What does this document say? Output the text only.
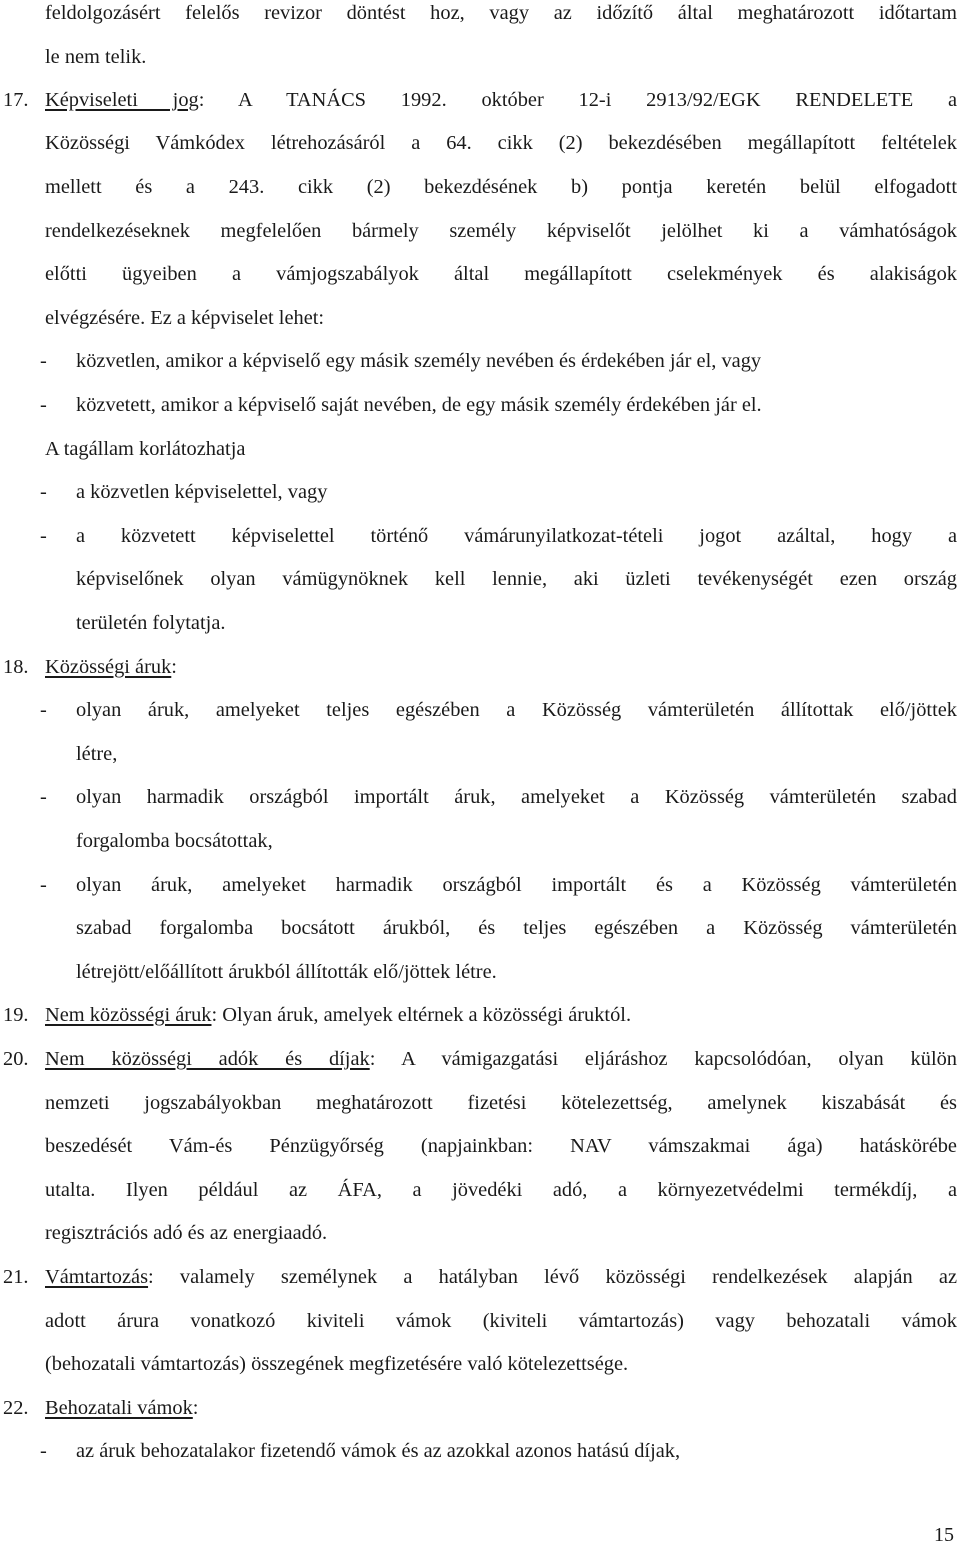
feldolgozásért felelős revizor döntést hoz, vagy az időzítő által meghatározott időtartam
le nem telik.
17. Képviseleti jog: A TANÁCS 1992. október 12-i 2913/92/EGK RENDELETE a
Közösségi Vámkódex létrehozásáról a 64. cikk (2) bekezdésében megállapított feltételek
mellett és a 243. cikk (2) bekezdésének b) pontja keretén belül elfogadott
rendelkezéseknek megfelelően bármely személy képviselőt jelölhet ki a vámhatóságok
előtti ügyeiben a vámjogszabályok által megállapított cselekmények és alakiságok
elvégzésére. Ez a képviselet lehet:
- közvetlen, amikor a képviselő egy másik személy nevében és érdekében jár el, vagy
- közvetett, amikor a képviselő saját nevében, de egy másik személy érdekében jár el.
A tagállam korlátozhatja
- a közvetlen képviselettel, vagy
- a közvetett képviselettel történő vámárunyilatkozat-tételi jogot azáltal, hogy a
képviselőnek olyan vámügynöknek kell lennie, aki üzleti tevékenységét ezen ország
területén folytatja.
18. Közösségi áruk:
- olyan áruk, amelyeket teljes egészében a Közösség vámterületén állítottak elő/jöttek
létre,
- olyan harmadik országból importált áruk, amelyeket a Közösség vámterületén szabad
forgalomba bocsátottak,
- olyan áruk, amelyeket harmadik országból importált és a Közösség vámterületén
szabad forgalomba bocsátott árukból, és teljes egészében a Közösség vámterületén
létrejött/előállított árukból állították elő/jöttek létre.
19. Nem közösségi áruk: Olyan áruk, amelyek eltérnek a közösségi áruktól.
20. Nem közösségi adók és díjak: A vámigazgatási eljáráshoz kapcsolódóan, olyan külön
nemzeti jogszabályokban meghatározott fizetési kötelezettség, amelynek kiszabását és
beszedését Vám-és Pénzügyőrség (napjainkban: NAV vámszakmai ága) hatáskörébe
utalta. Ilyen például az ÁFA, a jövedéki adó, a környezetvédelmi termékdíj, a
regisztrációs adó és az energiaadó.
21. Vámtartozás: valamely személynek a hatályban lévő közösségi rendelkezések alapján az
adott árura vonatkozó kiviteli vámok (kiviteli vámtartozás) vagy behozatali vámok
(behozatali vámtartozás) összegének megfizetésére való kötelezettsége.
22. Behozatali vámok:
- az áruk behozatalakor fizetendő vámok és az azokkal azonos hatású díjak,
15
